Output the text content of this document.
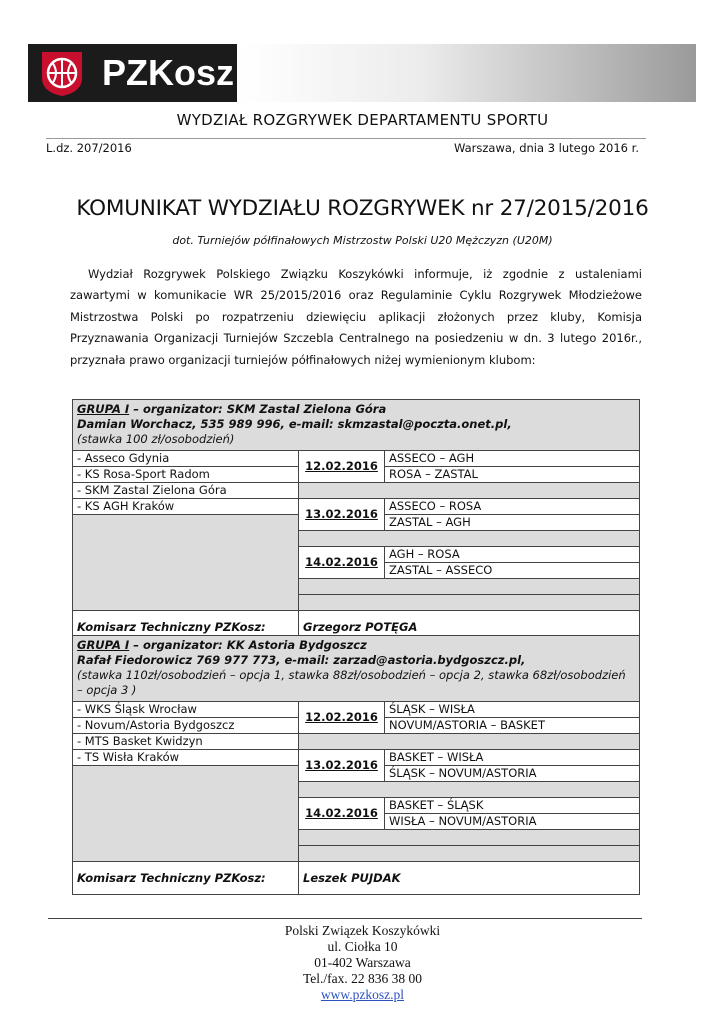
PZKosz
WYDZIAŁ ROZGRYWEK DEPARTAMENTU SPORTU
L.dz. 207/2016	Warszawa, dnia 3 lutego 2016 r.
KOMUNIKAT WYDZIAŁU ROZGRYWEK nr 27/2015/2016
dot. Turniejów półfinałowych Mistrzostw Polski U20 Mężczyzn (U20M)

Wydział Rozgrywek Polskiego Związku Koszykówki informuje, iż zgodnie z ustaleniami zawartymi w komunikacie WR 25/2015/2016 oraz Regulaminie Cyklu Rozgrywek Młodzieżowe Mistrzostwa Polski po rozpatrzeniu dziewięciu aplikacji złożonych przez kluby, Komisja Przyznawania Organizacji Turniejów Szczebla Centralnego na posiedzeniu w dn. 3 lutego 2016r., przyznała prawo organizacji turniejów półfinałowych niżej wymienionym klubom:

GRUPA I – organizator: SKM Zastal Zielona Góra
Damian Worchacz, 535 989 996, e-mail: skmzastal@poczta.onet.pl,
(stawka 100 zł/osobodzień)		
- Asseco Gdynia	12.02.2016	ASSECO – AGH
- KS Rosa-Sport Radom		ROSA – ZASTAL
- SKM Zastal Zielona Góra		
- KS AGH Kraków	13.02.2016	ASSECO – ROSA
		ZASTAL – AGH

	14.02.2016	AGH – ROSA
		ZASTAL – ASSECO

Komisarz Techniczny PZKosz:	Grzegorz POTĘGA	
GRUPA I – organizator: KK Astoria Bydgoszcz
Rafał Fiedorowicz 769 977 773, e-mail: zarzad@astoria.bydgoszcz.pl,
(stawka 110zł/osobodzień – opcja 1, stawka 88zł/osobodzień – opcja 2, stawka 68zł/osobodzień – opcja 3 )		
- WKS Śląsk Wrocław	12.02.2016	ŚLĄSK – WISŁA
- Novum/Astoria Bydgoszcz		NOVUM/ASTORIA – BASKET
- MTS Basket Kwidzyn		
- TS Wisła Kraków	13.02.2016	BASKET – WISŁA
		ŚLĄSK – NOVUM/ASTORIA

	14.02.2016	BASKET – ŚLĄSK
		WISŁA – NOVUM/ASTORIA

Komisarz Techniczny PZKosz:	Leszek PUJDAK	
Polski Związek Koszykówki
ul. Ciołka 10
01-402 Warszawa
Tel./fax. 22 836 38 00
www.pzkosz.pl
